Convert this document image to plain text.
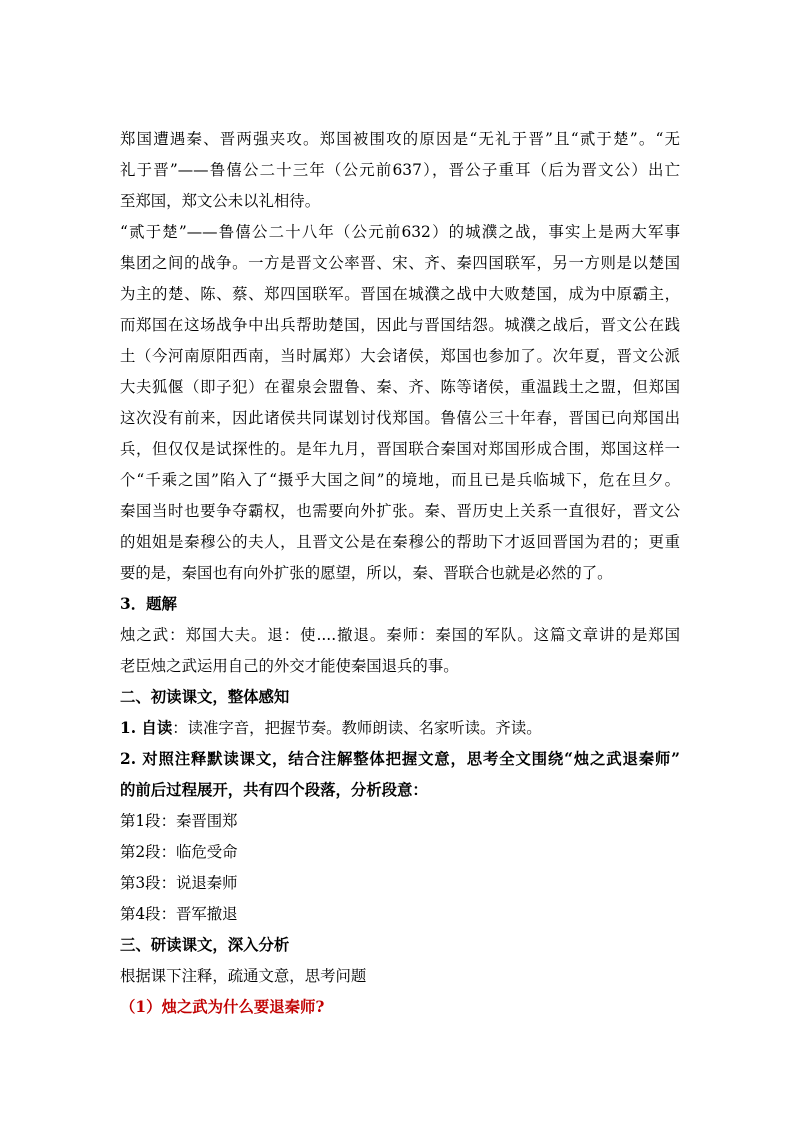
郑国遭遇秦、晋两强夹攻。郑国被围攻的原因是“无礼于晋”且“贰于楚”。“无
礼于晋”——鲁僖公二十三年（公元前637），晋公子重耳（后为晋文公）出亡
至郑国，郑文公未以礼相待。
“贰于楚”——鲁僖公二十八年（公元前632）的城濮之战，事实上是两大军事
集团之间的战争。一方是晋文公率晋、宋、齐、秦四国联军，另一方则是以楚国
为主的楚、陈、蔡、郑四国联军。晋国在城濮之战中大败楚国，成为中原霸主，
而郑国在这场战争中出兵帮助楚国，因此与晋国结怨。城濮之战后，晋文公在践
土（今河南原阳西南，当时属郑）大会诸侯，郑国也参加了。次年夏，晋文公派
大夫狐偃（即子犯）在翟泉会盟鲁、秦、齐、陈等诸侯，重温践土之盟，但郑国
这次没有前来，因此诸侯共同谋划讨伐郑国。鲁僖公三十年春，晋国已向郑国出
兵，但仅仅是试探性的。是年九月，晋国联合秦国对郑国形成合围，郑国这样一
个“千乘之国”陷入了“摄乎大国之间”的境地，而且已是兵临城下，危在旦夕。
秦国当时也要争夺霸权，也需要向外扩张。秦、晋历史上关系一直很好，晋文公
的姐姐是秦穆公的夫人，且晋文公是在秦穆公的帮助下才返回晋国为君的；更重
要的是，秦国也有向外扩张的愿望，所以，秦、晋联合也就是必然的了。
3．题解
烛之武：郑国大夫。退：使....撤退。秦师：秦国的军队。这篇文章讲的是郑国
老臣烛之武运用自己的外交才能使秦国退兵的事。
二、初读课文，整体感知
1. 自读：读准字音，把握节奏。教师朗读、名家听读。齐读。
2. 对照注释默读课文，结合注解整体把握文意，思考全文围绕“烛之武退秦师”
的前后过程展开，共有四个段落，分析段意：
第1段：秦晋围郑
第2段：临危受命
第3段：说退秦师
第4段：晋军撤退
三、研读课文，深入分析
根据课下注释，疏通文意，思考问题
（1）烛之武为什么要退秦师?
